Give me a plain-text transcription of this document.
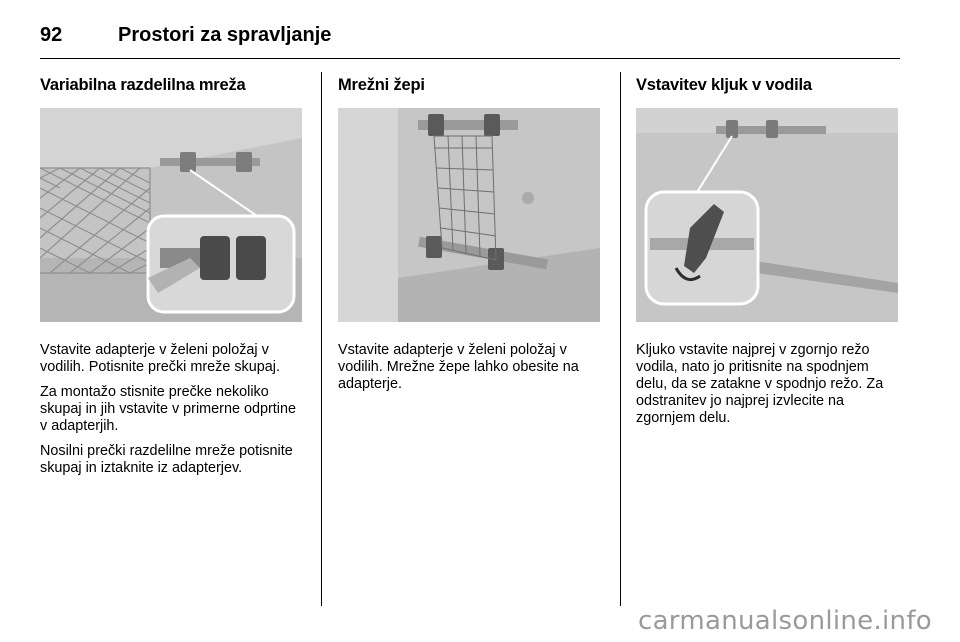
92	Prostori za spravljanje
Variabilna razdelilna mreža

Vstavite adapterje v želeni položaj v vodilih. Potisnite prečki mreže skupaj.

Za montažo stisnite prečke nekoliko skupaj in jih vstavite v primerne odprtine v adapterjih.

Nosilni prečki razdelilne mreže potisnite skupaj in iztaknite iz adapterjev.

Mrežni žepi

Vstavite adapterje v želeni položaj v vodilih. Mrežne žepe lahko obesite na adapterje.

Vstavitev kljuk v vodila

Kljuko vstavite najprej v zgornjo režo vodila, nato jo pritisnite na spodnjem delu, da se zatakne v spodnjo režo. Za odstranitev jo najprej izvlecite na zgornjem delu.

carmanualsonline.info
